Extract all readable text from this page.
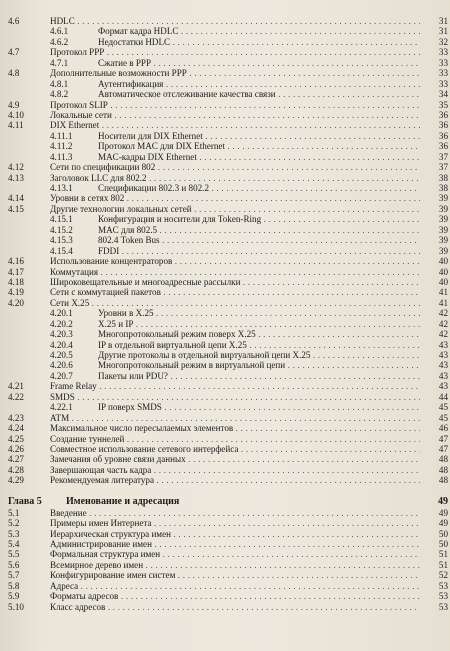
4.6	HDLC . . .	31
4.6.1	Формат кадра HDLC . . .	31
4.6.2	Недостатки HDLC . . .	32
4.7	Протокол PPP . . .	33
4.7.1	Сжатие в PPP . . .	33
4.8	Дополнительные возможности PPP . . .	33
4.8.1	Аутентификация . . .	33
4.8.2	Автоматическое отслеживание качества связи . . .	34
4.9	Протокол SLIP . . .	35
4.10	Локальные сети . . .	36
4.11	DIX Ethernet . . .	36
4.11.1	Носители для DIX Ethernet . . .	36
4.11.2	Протокол MAC для DIX Ethernet . . .	36
4.11.3	MAC-кадры DIX Ethernet . . .	37
4.12	Сети по спецификации 802 . . .	37
4.13	Заголовок LLC для 802.2 . . .	38
4.13.1	Спецификации 802.3 и 802.2 . . .	38
4.14	Уровни в сетях 802 . . .	39
4.15	Другие технологии локальных сетей . . .	39
4.15.1	Конфигурация и носители для Token-Ring . . .	39
4.15.2	MAC для 802.5 . . .	39
4.15.3	802.4 Token Bus . . .	39
4.15.4	FDDI . . .	39
4.16	Использование концентраторов . . .	40
4.17	Коммутация . . .	40
4.18	Широковещательные и многоадресные рассылки . . .	40
4.19	Сети с коммутацией пакетов . . .	41
4.20	Сети X.25 . . .	41
4.20.1	Уровни в X.25 . . .	42
4.20.2	X.25 и IP . . .	42
4.20.3	Многопротокольный режим поверх X.25 . . .	42
4.20.4	IP в отдельной виртуальной цепи X.25 . . .	43
4.20.5	Другие протоколы в отдельной виртуальной цепи X.25 . . .	43
4.20.6	Многопротокольный режим в виртуальной цепи . . .	43
4.20.7	Пакеты или PDU? . . .	43
4.21	Frame Relay . . .	43
4.22	SMDS . . .	44
4.22.1	IP поверх SMDS . . .	45
4.23	ATM . . .	45
4.24	Максимальное число пересылаемых элементов . . .	46
4.25	Создание туннелей . . .	47
4.26	Совместное использование сетевого интерфейса . . .	47
4.27	Замечания об уровне связи данных . . .	48
4.28	Завершающая часть кадра . . .	48
4.29	Рекомендуемая литература . . .	48
Глава 5 Именование и адресация	49
5.1	Введение . . .	49
5.2	Примеры имен Интернета . . .	49
5.3	Иерархическая структура имен . . .	50
5.4	Администрирование имен . . .	50
5.5	Формальная структура имен . . .	51
5.6	Всемирное дерево имен . . .	51
5.7	Конфигурирование имен систем . . .	52
5.8	Адреса . . .	53
5.9	Форматы адресов . . .	53
5.10	Класс адресов . . .	53
